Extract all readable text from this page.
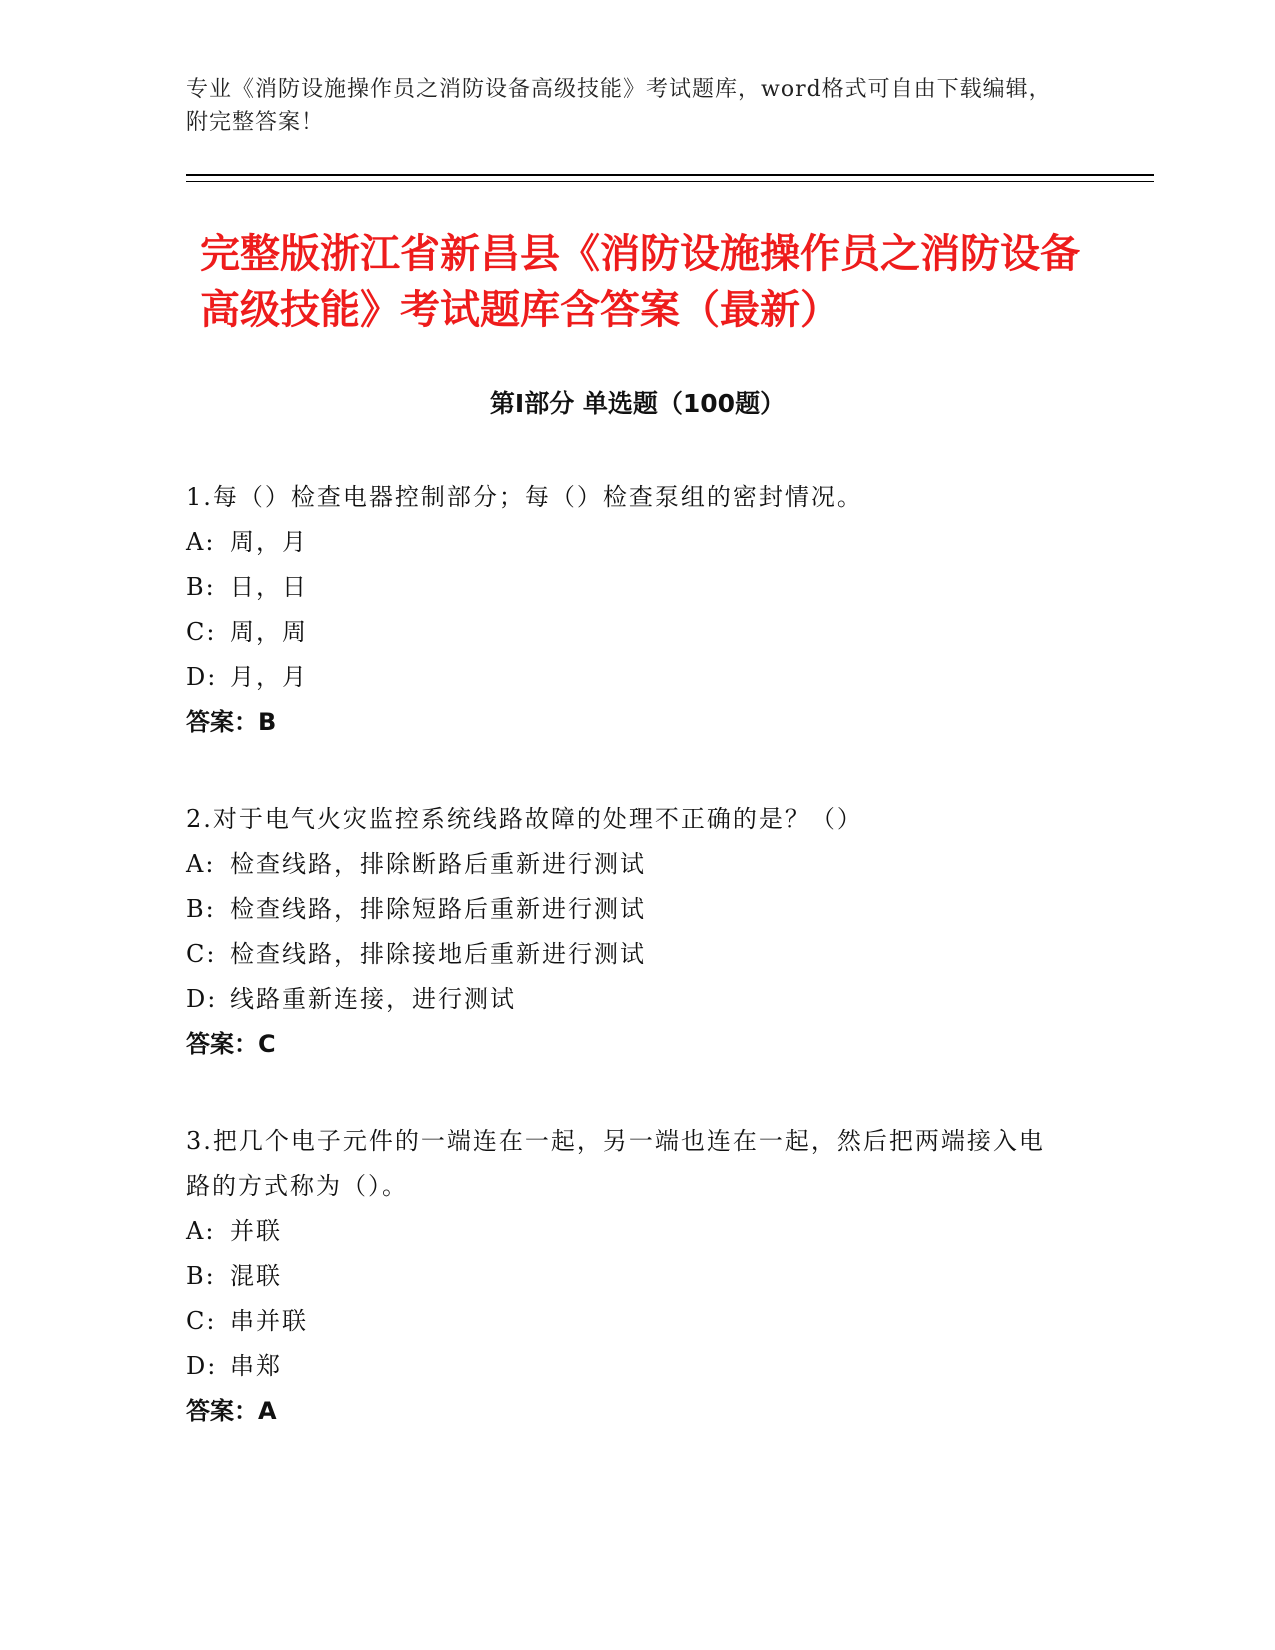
专业《消防设施操作员之消防设备高级技能》考试题库，word格式可自由下载编辑，附完整答案！

完整版浙江省新昌县《消防设施操作员之消防设备高级技能》考试题库含答案（最新）
第Ⅰ部分 单选题（100题）

1.每（）检查电器控制部分；每（）检查泵组的密封情况。

A: 周，月

B: 日，日

C: 周，周

D: 月，月

答案：B

2.对于电气火灾监控系统线路故障的处理不正确的是？（）

A: 检查线路，排除断路后重新进行测试

B: 检查线路，排除短路后重新进行测试

C: 检查线路，排除接地后重新进行测试

D: 线路重新连接，进行测试

答案：C

3.把几个电子元件的一端连在一起，另一端也连在一起，然后把两端接入电路的方式称为（）。

A: 并联

B: 混联

C: 串并联

D: 串郑

答案：A
